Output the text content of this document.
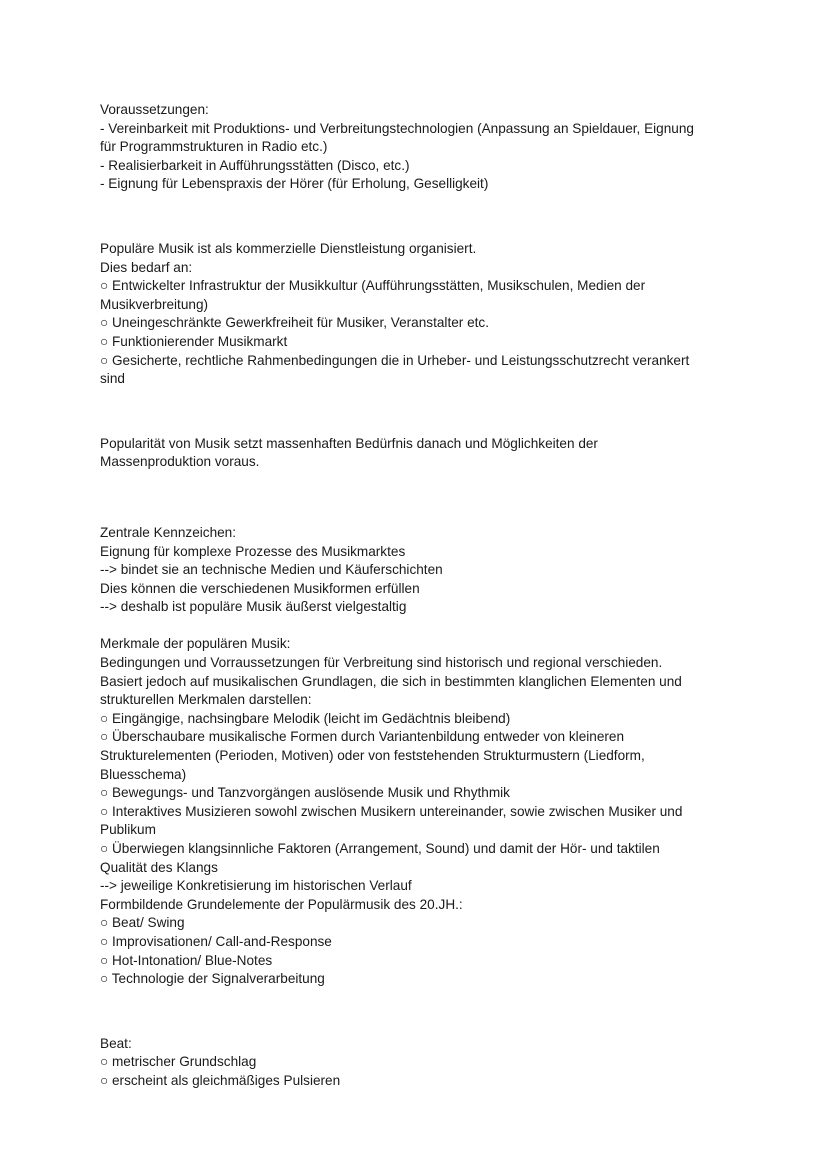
Voraussetzungen:

- Vereinbarkeit mit Produktions- und Verbreitungstechnologien (Anpassung an Spieldauer, Eignung

für Programmstrukturen in Radio etc.)

- Realisierbarkeit in Aufführungsstätten (Disco, etc.)

- Eignung für Lebenspraxis der Hörer (für Erholung, Geselligkeit)

Populäre Musik ist als kommerzielle Dienstleistung organisiert.

Dies bedarf an:

○ Entwickelter Infrastruktur der Musikkultur (Aufführungsstätten, Musikschulen, Medien der

Musikverbreitung)

○ Uneingeschränkte Gewerkfreiheit für Musiker, Veranstalter etc.

○ Funktionierender Musikmarkt

○ Gesicherte, rechtliche Rahmenbedingungen die in Urheber- und Leistungsschutzrecht verankert

sind

Popularität von Musik setzt massenhaften Bedürfnis danach und Möglichkeiten der

Massenproduktion voraus.

Zentrale Kennzeichen:

Eignung für komplexe Prozesse des Musikmarktes

--> bindet sie an technische Medien und Käuferschichten

Dies können die verschiedenen Musikformen erfüllen

--> deshalb ist populäre Musik äußerst vielgestaltig

Merkmale der populären Musik:

Bedingungen und Vorraussetzungen für Verbreitung sind historisch und regional verschieden.

Basiert jedoch auf musikalischen Grundlagen, die sich in bestimmten klanglichen Elementen und

strukturellen Merkmalen darstellen:

○ Eingängige, nachsingbare Melodik (leicht im Gedächtnis bleibend)

○ Überschaubare musikalische Formen durch Variantenbildung entweder von kleineren

Strukturelementen (Perioden, Motiven) oder von feststehenden Strukturmustern (Liedform,

Bluesschema)

○ Bewegungs- und Tanzvorgängen auslösende Musik und Rhythmik

○ Interaktives Musizieren sowohl zwischen Musikern untereinander, sowie zwischen Musiker und

Publikum

○ Überwiegen klangsinnliche Faktoren (Arrangement, Sound) und damit der Hör- und taktilen

Qualität des Klangs

--> jeweilige Konkretisierung im historischen Verlauf

Formbildende Grundelemente der Populärmusik des 20.JH.:

○ Beat/ Swing

○ Improvisationen/ Call-and-Response

○ Hot-Intonation/ Blue-Notes

○ Technologie der Signalverarbeitung

Beat:

○ metrischer Grundschlag

○ erscheint als gleichmäßiges Pulsieren
